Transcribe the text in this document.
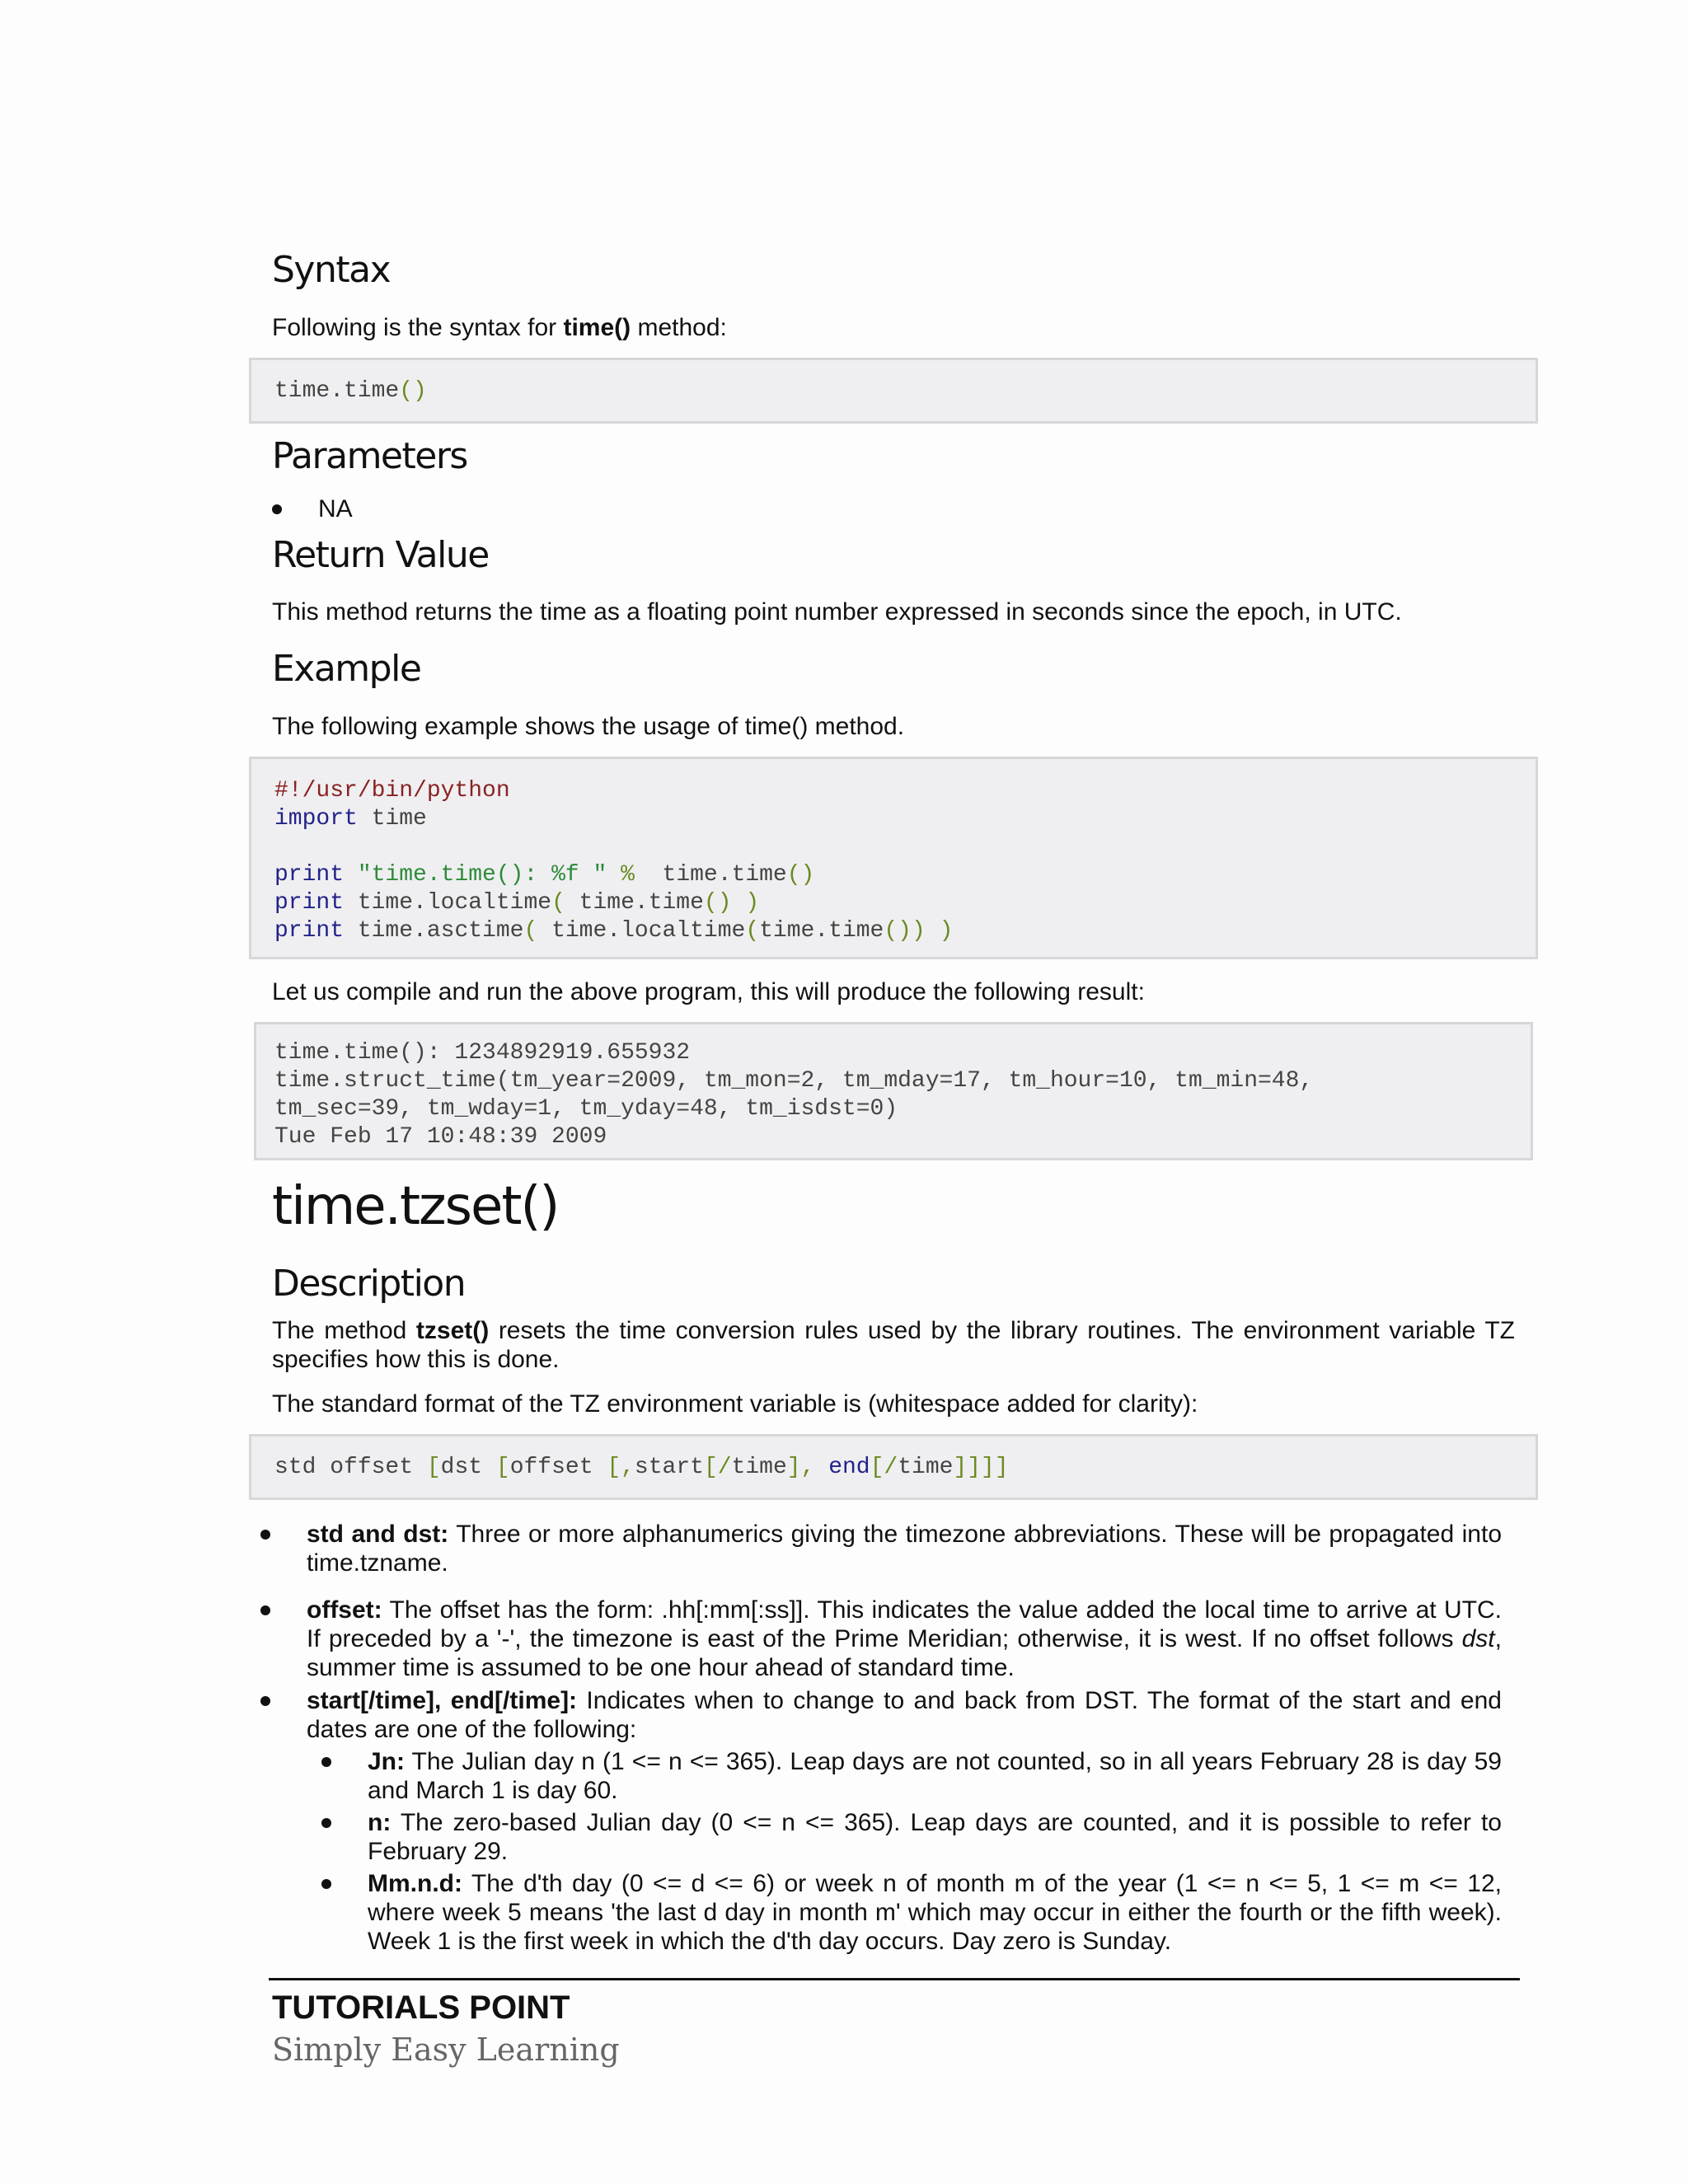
Syntax

Following is the syntax for time() method:

time.time()
Parameters
NA
Return Value

This method returns the time as a floating point number expressed in seconds since the epoch, in UTC.

Example

The following example shows the usage of time() method.

#!/usr/bin/python
import time
print "time.time(): %f " %  time.time()
print time.localtime( time.time() )
print time.asctime( time.localtime(time.time()) )

Let us compile and run the above program, this will produce the following result:

time.time(): 1234892919.655932
time.struct_time(tm_year=2009, tm_mon=2, tm_mday=17, tm_hour=10, tm_min=48,
tm_sec=39, tm_wday=1, tm_yday=48, tm_isdst=0)
Tue Feb 17 10:48:39 2009
time.tzset()
Description

The method tzset() resets the time conversion rules used by the library routines. The environment variable TZ specifies how this is done.

The standard format of the TZ environment variable is (whitespace added for clarity):

std offset [dst [offset [,start[/time], end[/time]]]]
std and dst: Three or more alphanumerics giving the timezone abbreviations. These will be propagated into time.tzname.
offset: The offset has the form: .hh[:mm[:ss]]. This indicates the value added the local time to arrive at UTC. If preceded by a '-', the timezone is east of the Prime Meridian; otherwise, it is west. If no offset follows dst, summer time is assumed to be one hour ahead of standard time.
start[/time], end[/time]: Indicates when to change to and back from DST. The format of the start and end dates are one of the following:
Jn: The Julian day n (1 <= n <= 365). Leap days are not counted, so in all years February 28 is day 59 and March 1 is day 60.
n: The zero-based Julian day (0 <= n <= 365). Leap days are counted, and it is possible to refer to February 29.
Mm.n.d: The d'th day (0 <= d <= 6) or week n of month m of the year (1 <= n <= 5, 1 <= m <= 12, where week 5 means 'the last d day in month m' which may occur in either the fourth or the fifth week). Week 1 is the first week in which the d'th day occurs. Day zero is Sunday.
TUTORIALS POINT
Simply Easy Learning
